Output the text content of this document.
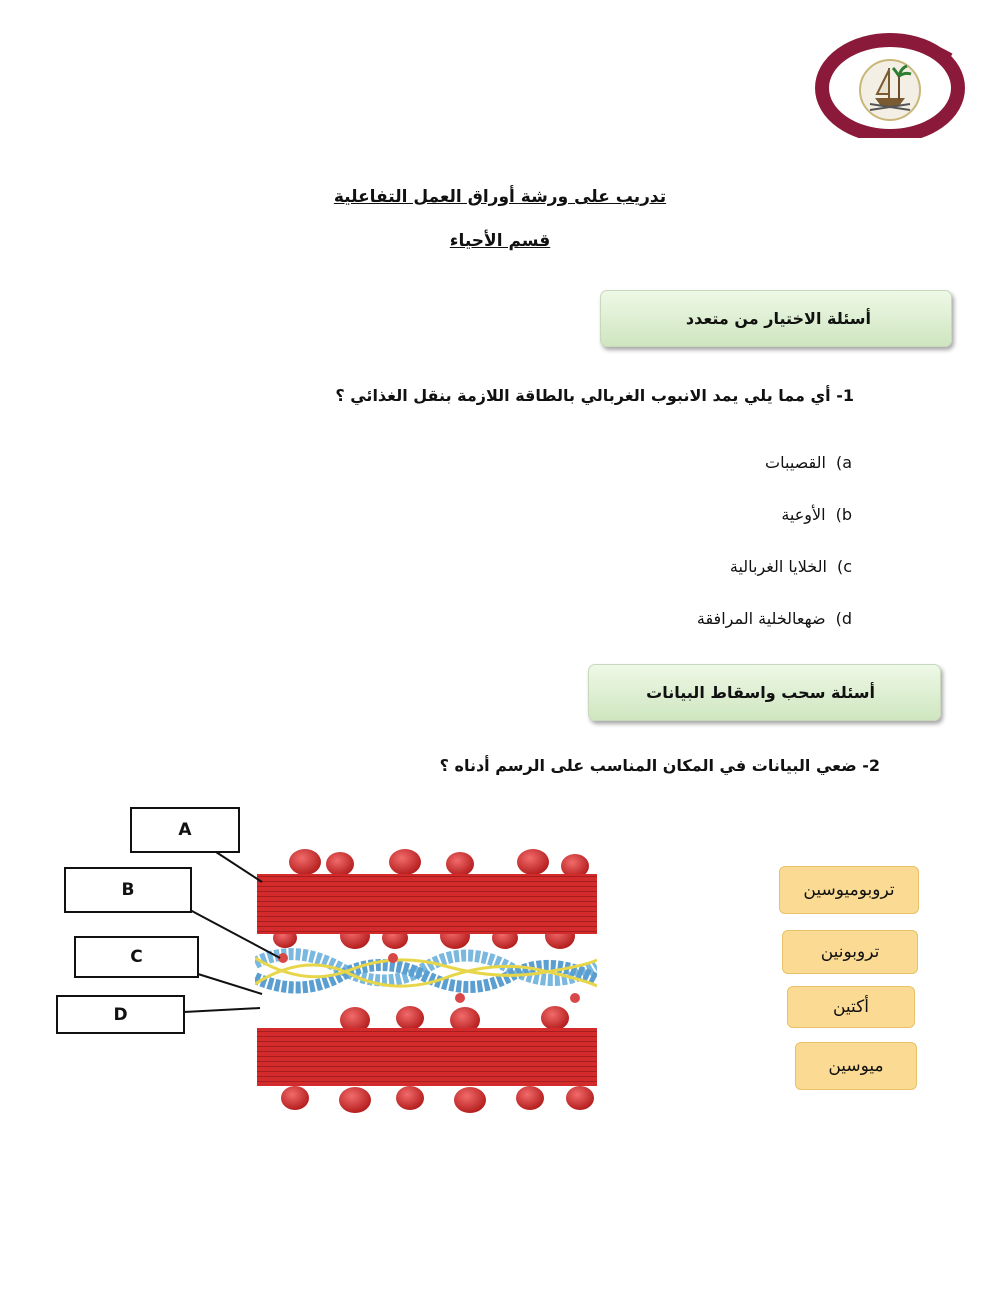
تدريب على ورشة أوراق العمل التفاعلية
قسم الأحياء
أسئلة الاختيار من متعدد
1- أي مما يلي يمد الانبوب الغربالي بالطاقة اللازمة بنقل الغذائي ؟
a)القصيبات
b)الأوعية
c)الخلايا الغربالية
d)ضهعالخلية المرافقة
أسئلة سحب واسقاط البيانات
2- ضعي البيانات في المكان المناسب على الرسم أدناه ؟
A
B
C
D
تروبوميوسين
تروبونين
أكتين
ميوسين
